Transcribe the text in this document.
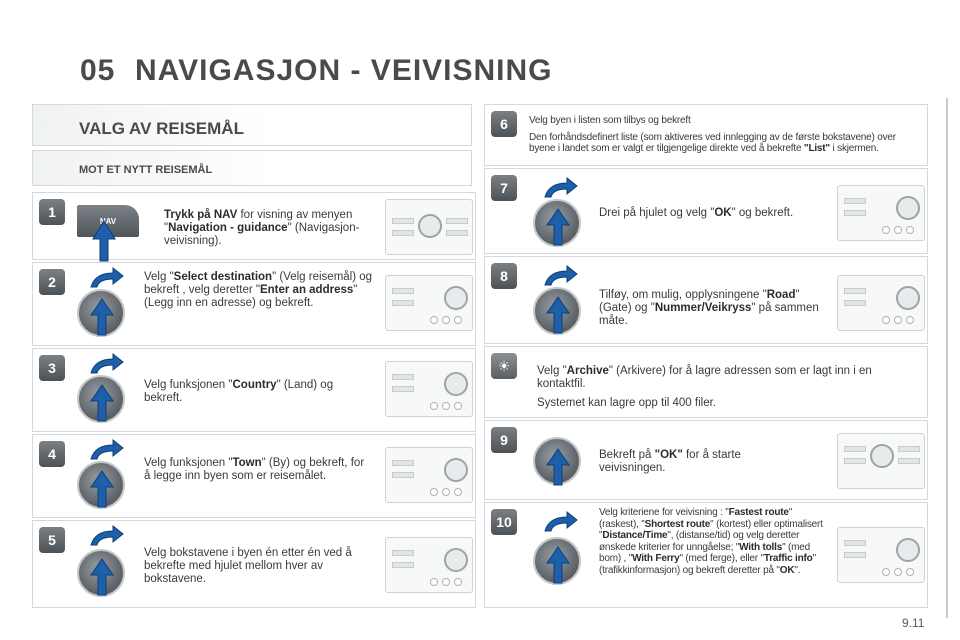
05 NAVIGASJON - VEIVISNING
VALG AV REISEMÅL
MOT ET NYTT REISEMÅL
1
NAV	Trykk på NAV for visning av menyen "Navigation - guidance" (Navigasjon-veivisning).
2	Velg "Select destination" (Velg reisemål) og bekreft , velg deretter "Enter an address" (Legg inn en adresse) og bekreft.
3
Velg funksjonen "Country" (Land) og bekreft.
4
Velg funksjonen "Town" (By) og bekreft, for å legge inn byen som er reisemålet.
5
Velg bokstavene i byen én etter én ved å bekrefte med hjulet mellom hver av bokstavene.
6	Velg byen i listen som tilbys og bekreft
Den forhåndsdefinert liste (som aktiveres ved innlegging av de første bokstavene) over byene i landet som er valgt er tilgjengelige direkte ved å bekrefte "List" i skjermen.
7
Drei på hjulet og velg "OK" og bekreft.
8
Tilføy, om mulig, opplysningene "Road" (Gate) og "Nummer/Veikryss" på sammen måte.
☀	Velg "Archive" (Arkivere) for å lagre adressen som er lagt inn i en kontaktfil.
Systemet kan lagre opp til 400 filer.
9
Bekreft på "OK" for å starte veivisningen.
10
Velg kriteriene for veivisning : "Fastest route" (raskest), "Shortest route" (kortest) eller optimalisert "Distance/Time", (distanse/tid) og velg deretter ønskede kriterier for unngåelse; "With tolls" (med bom) , "With Ferry" (med ferge), eller "Traffic info" (trafikkinformasjon) og bekreft deretter på "OK".
9.11
